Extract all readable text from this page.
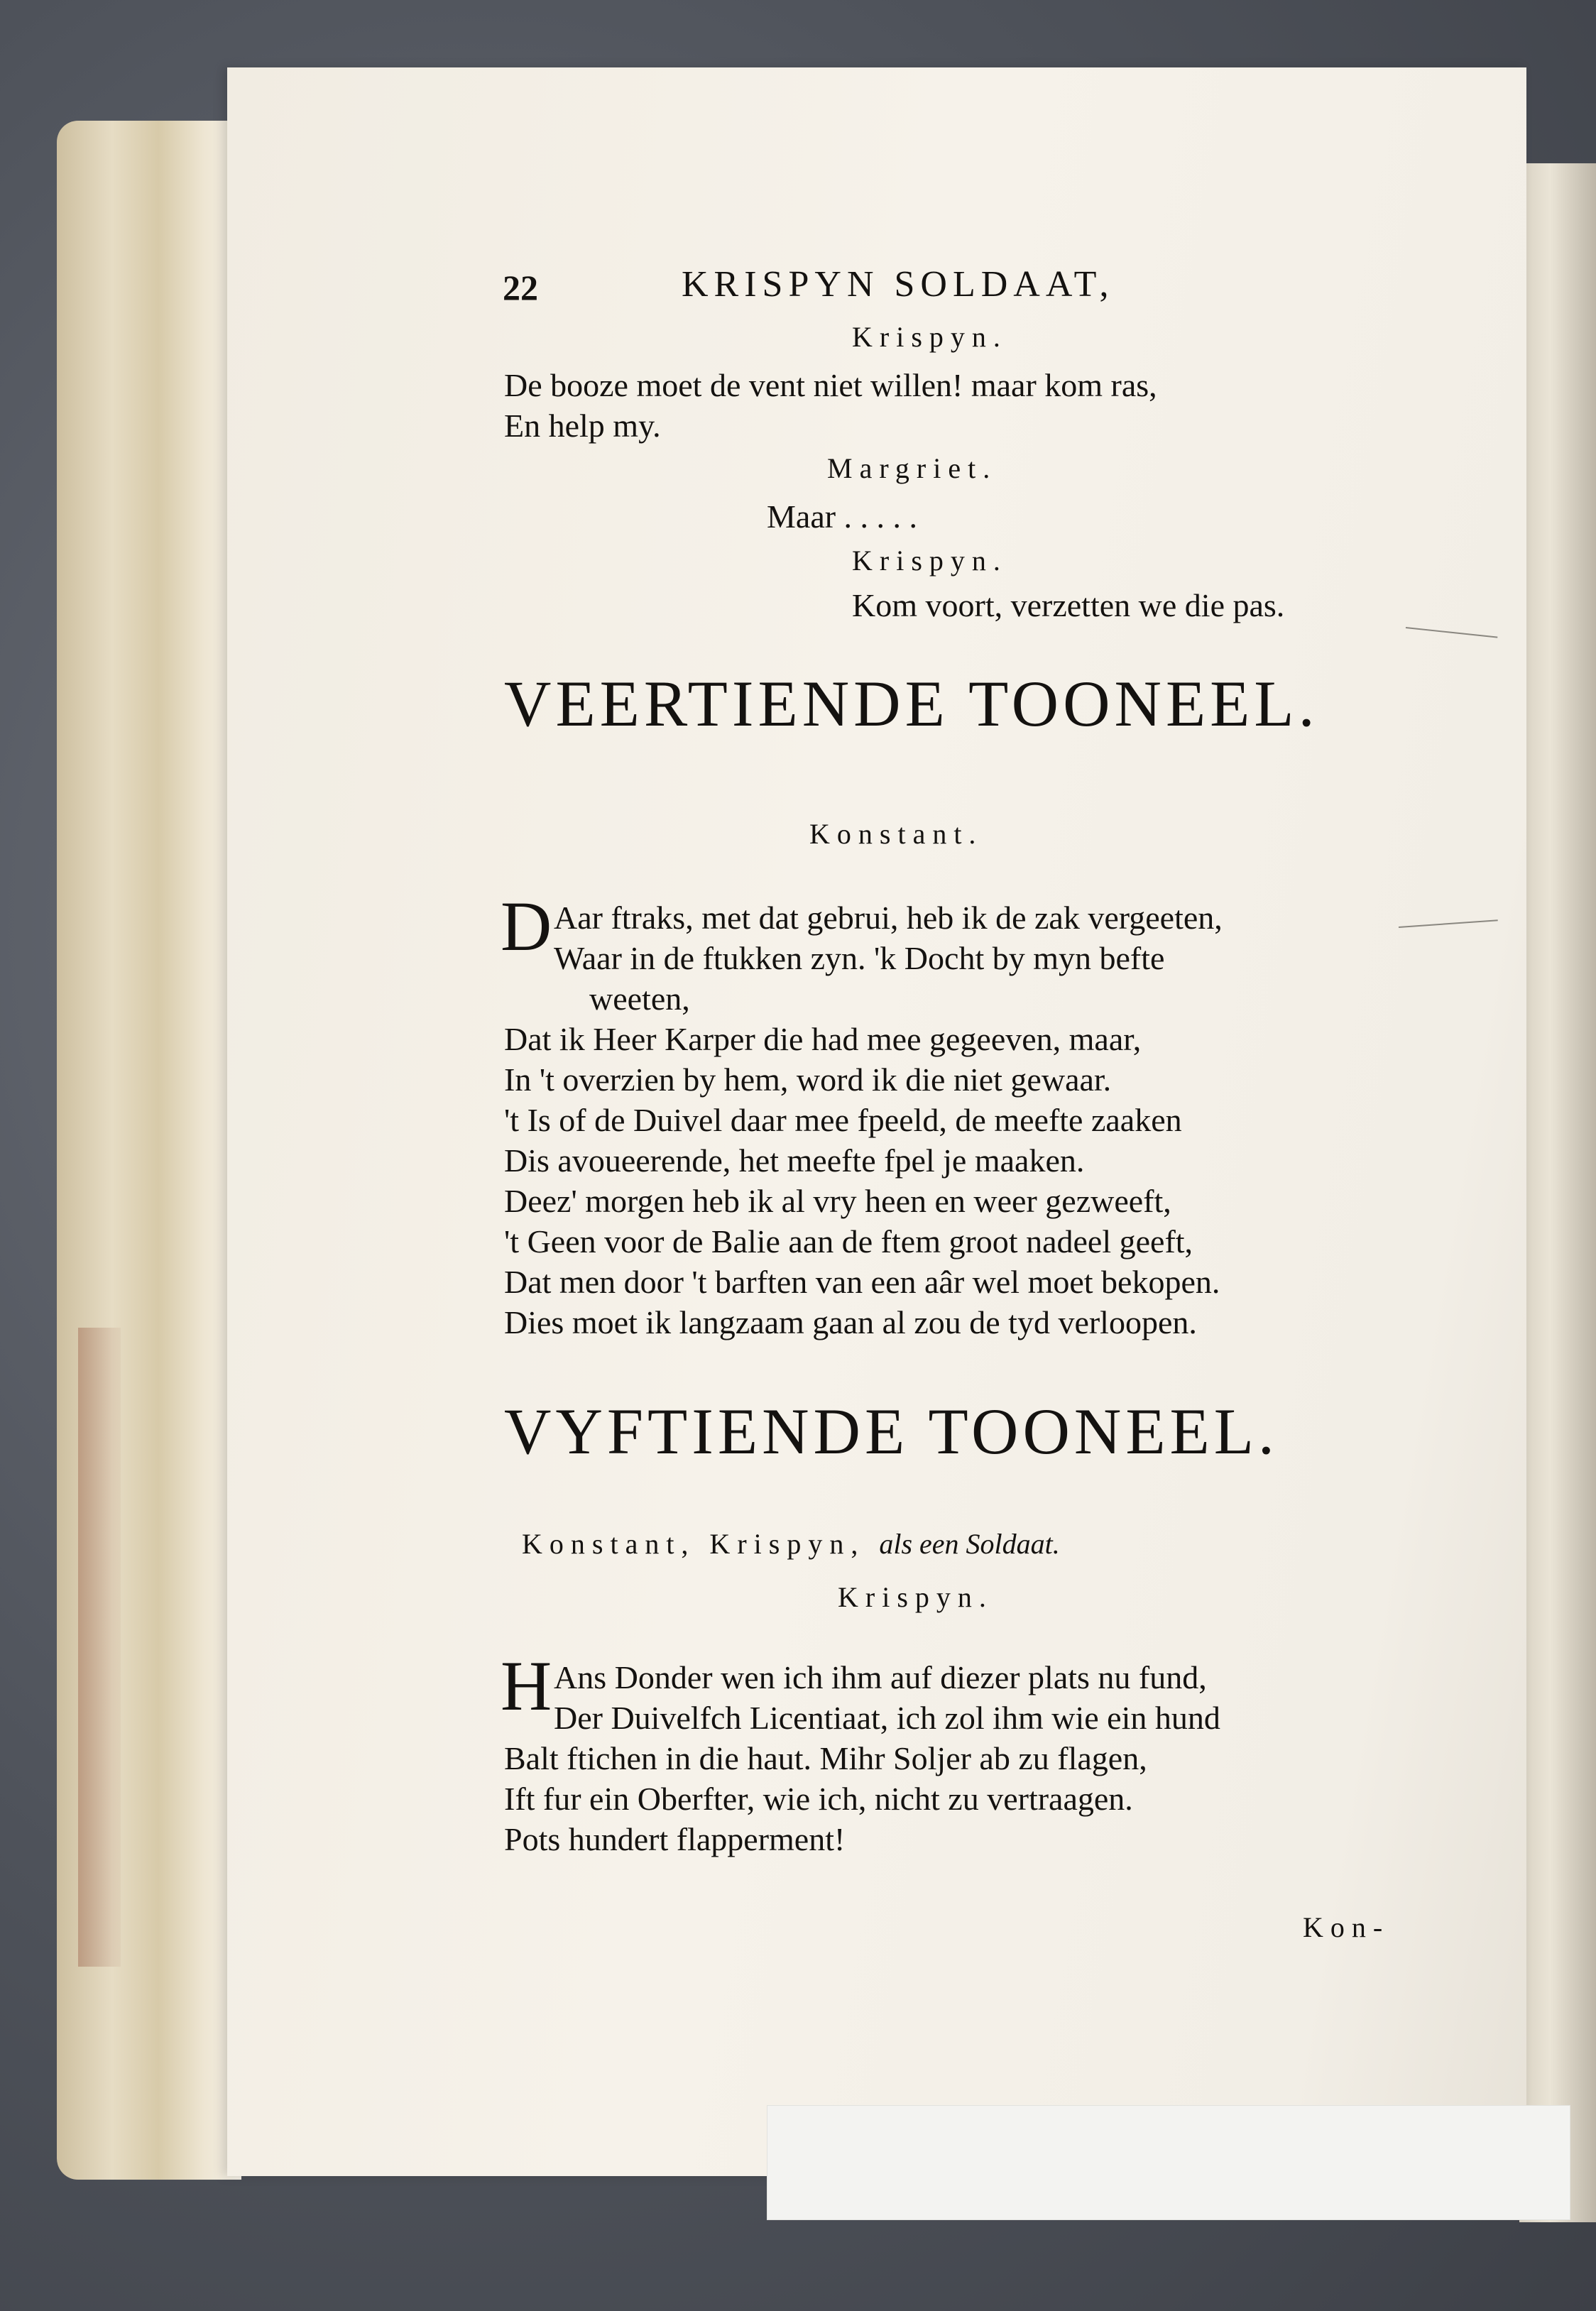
22	KRISPYN SOLDAAT,
Krispyn.
De booze moet de vent niet willen! maar kom ras,
En help my.
Margriet.
Maar . . . . .
Krispyn.
Kom voort, verzetten we die pas.
VEERTIENDE TOONEEL.
Konstant.
D Aar ftraks, met dat gebrui, heb ik de zak vergeeten,
Waar in de ftukken zyn. 'k Docht by myn befte
weeten,
Dat ik Heer Karper die had mee gegeeven, maar,
In 't overzien by hem, word ik die niet gewaar.
't Is of de Duivel daar mee fpeeld, de meefte zaaken
Dis avoueerende, het meefte fpel je maaken.
Deez' morgen heb ik al vry heen en weer gezweeft,
't Geen voor de Balie aan de ftem groot nadeel geeft,
Dat men door 't barften van een aâr wel moet bekopen.
Dies moet ik langzaam gaan al zou de tyd verloopen.
VYFTIENDE TOONEEL.
Konstant, Krispyn, als een Soldaat.
Krispyn.
H Ans Donder wen ich ihm auf diezer plats nu fund,
Der Duivelfch Licentiaat, ich zol ihm wie ein hund
Balt ftichen in die haut. Mihr Soljer ab zu flagen,
Ift fur ein Oberfter, wie ich, nicht zu vertraagen.
Pots hundert flapperment!
Kon-
